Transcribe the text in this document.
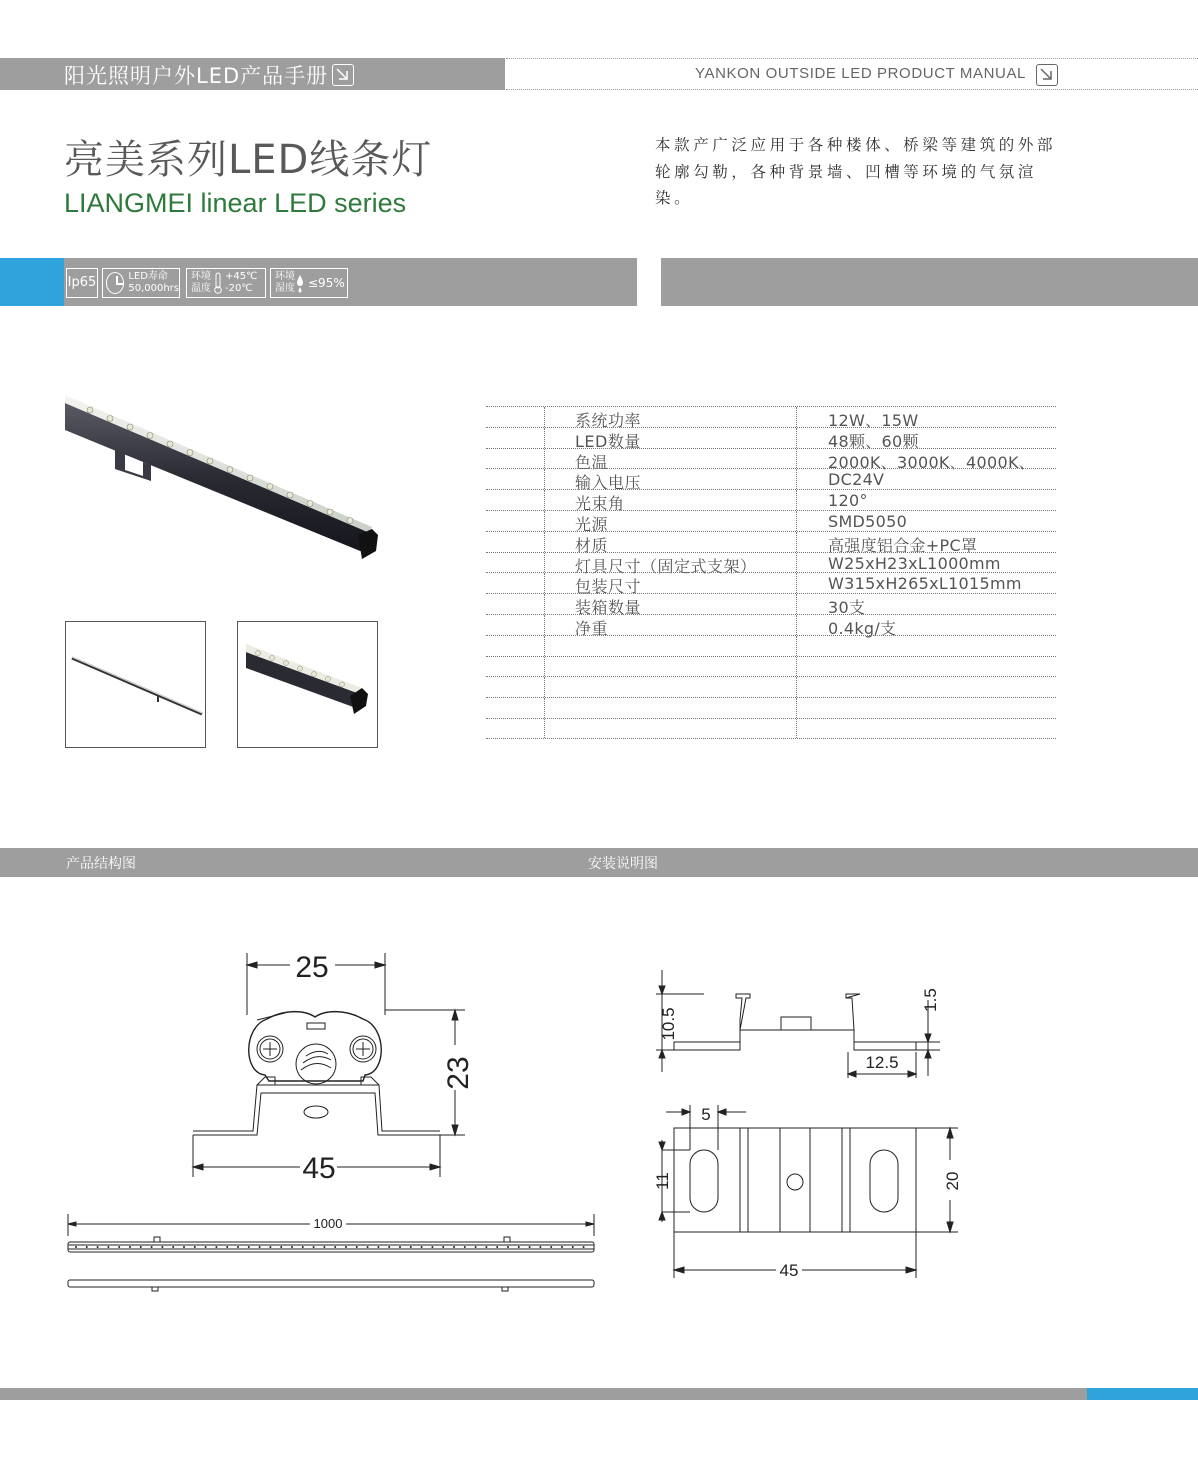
阳光照明户外LED产品手册	YANKON OUTSIDE LED PRODUCT MANUAL
亮美系列LED线条灯
LIANGMEI linear LED series
本款产广泛应用于各种楼体、桥梁等建筑的外部轮廓勾勒，各种背景墙、凹槽等环境的气氛渲染。
Ip65	LED寿命
50,000hrs
环境
温度
+45℃
-20℃
环境
湿度 ≤95%
系统功率	12W、15W
LED数量	48颗、60颗
色温	2000K、3000K、4000K、
输入电压	DC24V
光束角	120°
光源	SMD5050
材质	高强度铝合金+PC罩
灯具尺寸（固定式支架）	W25xH23xL1000mm
包装尺寸	W315xH265xL1015mm
装箱数量	30支
净重	0.4kg/支
产品结构图	安装说明图
25
23
45
1000
10.5
1.5
12.5
5
11	20
45
